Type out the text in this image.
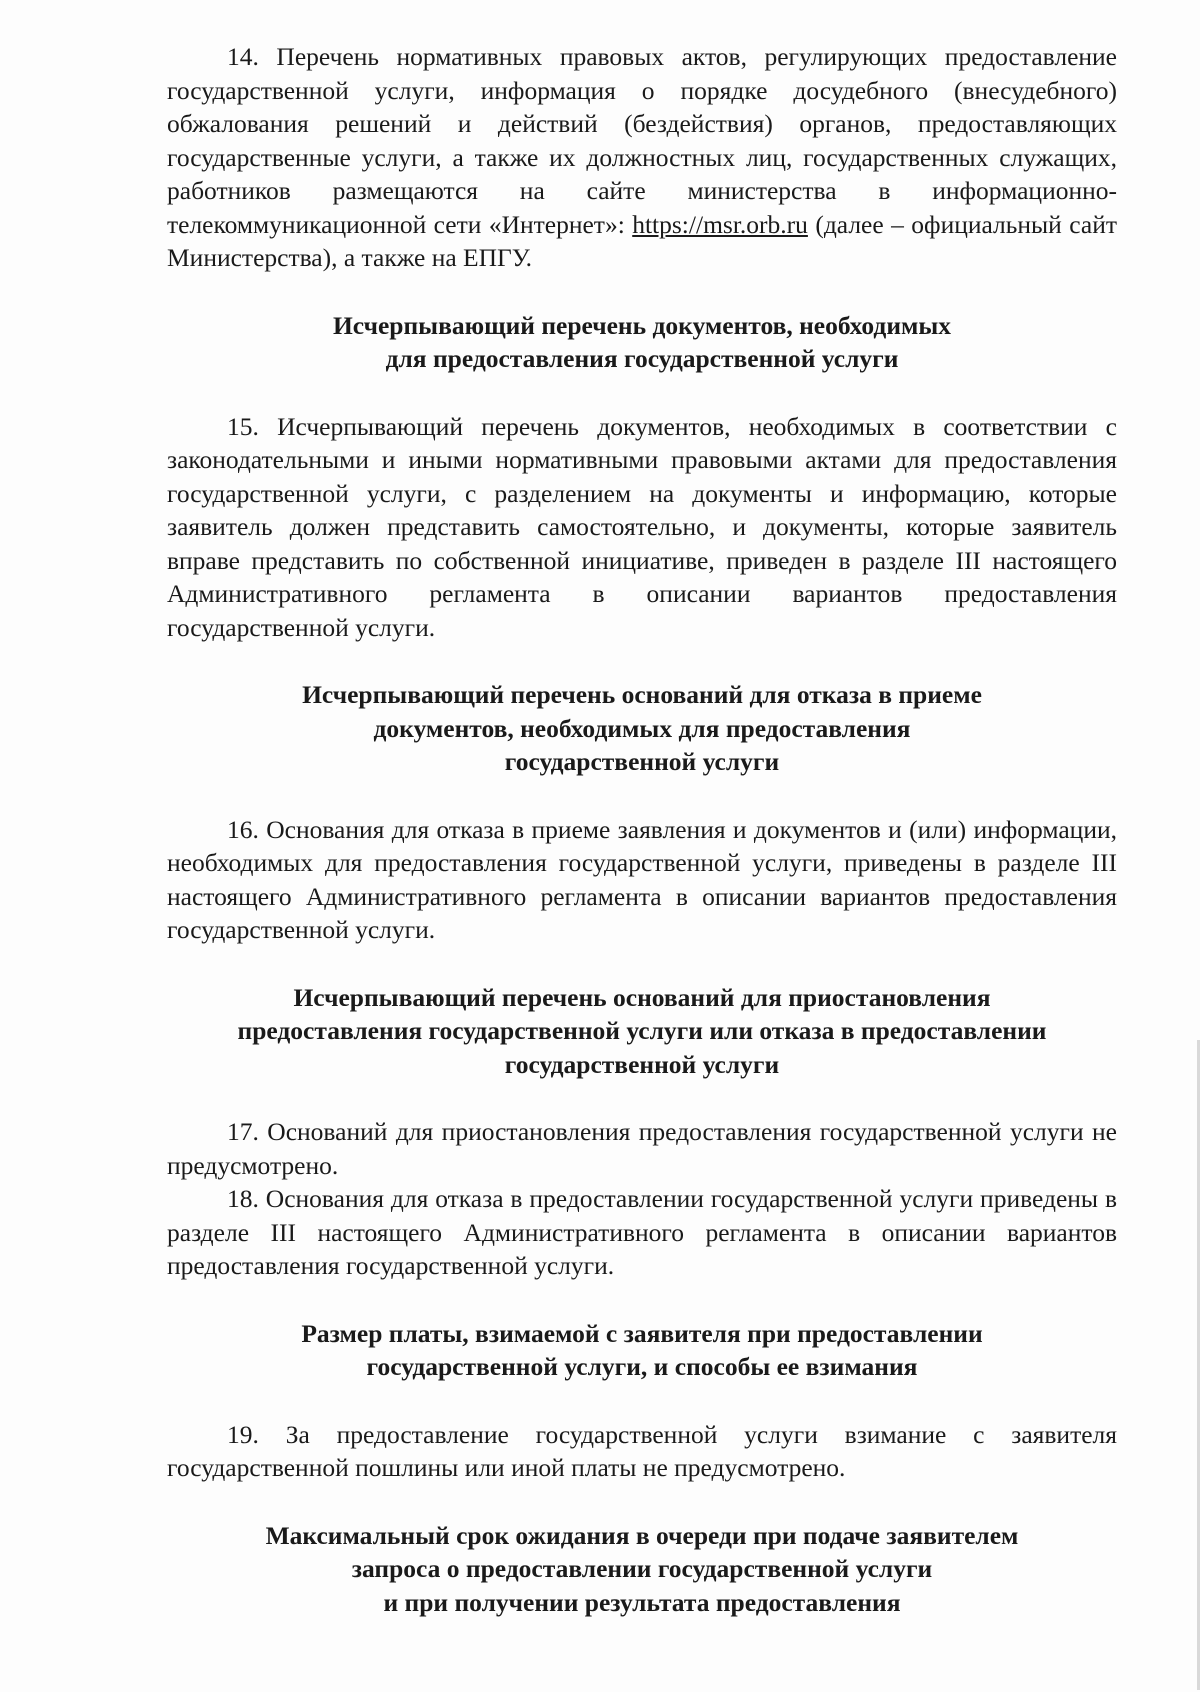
14. Перечень нормативных правовых актов, регулирующих предоставление государственной услуги, информация о порядке досудебного (внесудебного) обжалования решений и действий (бездействия) органов, предоставляющих государственные услуги, а также их должностных лиц, государственных служащих, работников размещаются на сайте министерства в информационно-телекоммуникационной сети «Интернет»: https://msr.orb.ru (далее – официальный сайт Министерства), а также на ЕПГУ.

Исчерпывающий перечень документов, необходимых
для предоставления государственной услуги

15. Исчерпывающий перечень документов, необходимых в соответствии с законодательными и иными нормативными правовыми актами для предоставления государственной услуги, с разделением на документы и информацию, которые заявитель должен представить самостоятельно, и документы, которые заявитель вправе представить по собственной инициативе, приведен в разделе III настоящего Административного регламента в описании вариантов предоставления государственной услуги.

Исчерпывающий перечень оснований для отказа в приеме
документов, необходимых для предоставления
государственной услуги

16. Основания для отказа в приеме заявления и документов и (или) информации, необходимых для предоставления государственной услуги, приведены в разделе III настоящего Административного регламента в описании вариантов предоставления государственной услуги.

Исчерпывающий перечень оснований для приостановления
предоставления государственной услуги или отказа в предоставлении
государственной услуги

17. Оснований для приостановления предоставления государственной услуги не предусмотрено.

18. Основания для отказа в предоставлении государственной услуги приведены в разделе III настоящего Административного регламента в описании вариантов предоставления государственной услуги.

Размер платы, взимаемой с заявителя при предоставлении
государственной услуги, и способы ее взимания

19. За предоставление государственной услуги взимание с заявителя государственной пошлины или иной платы не предусмотрено.

Максимальный срок ожидания в очереди при подаче заявителем
запроса о предоставлении государственной услуги
и при получении результата предоставления
